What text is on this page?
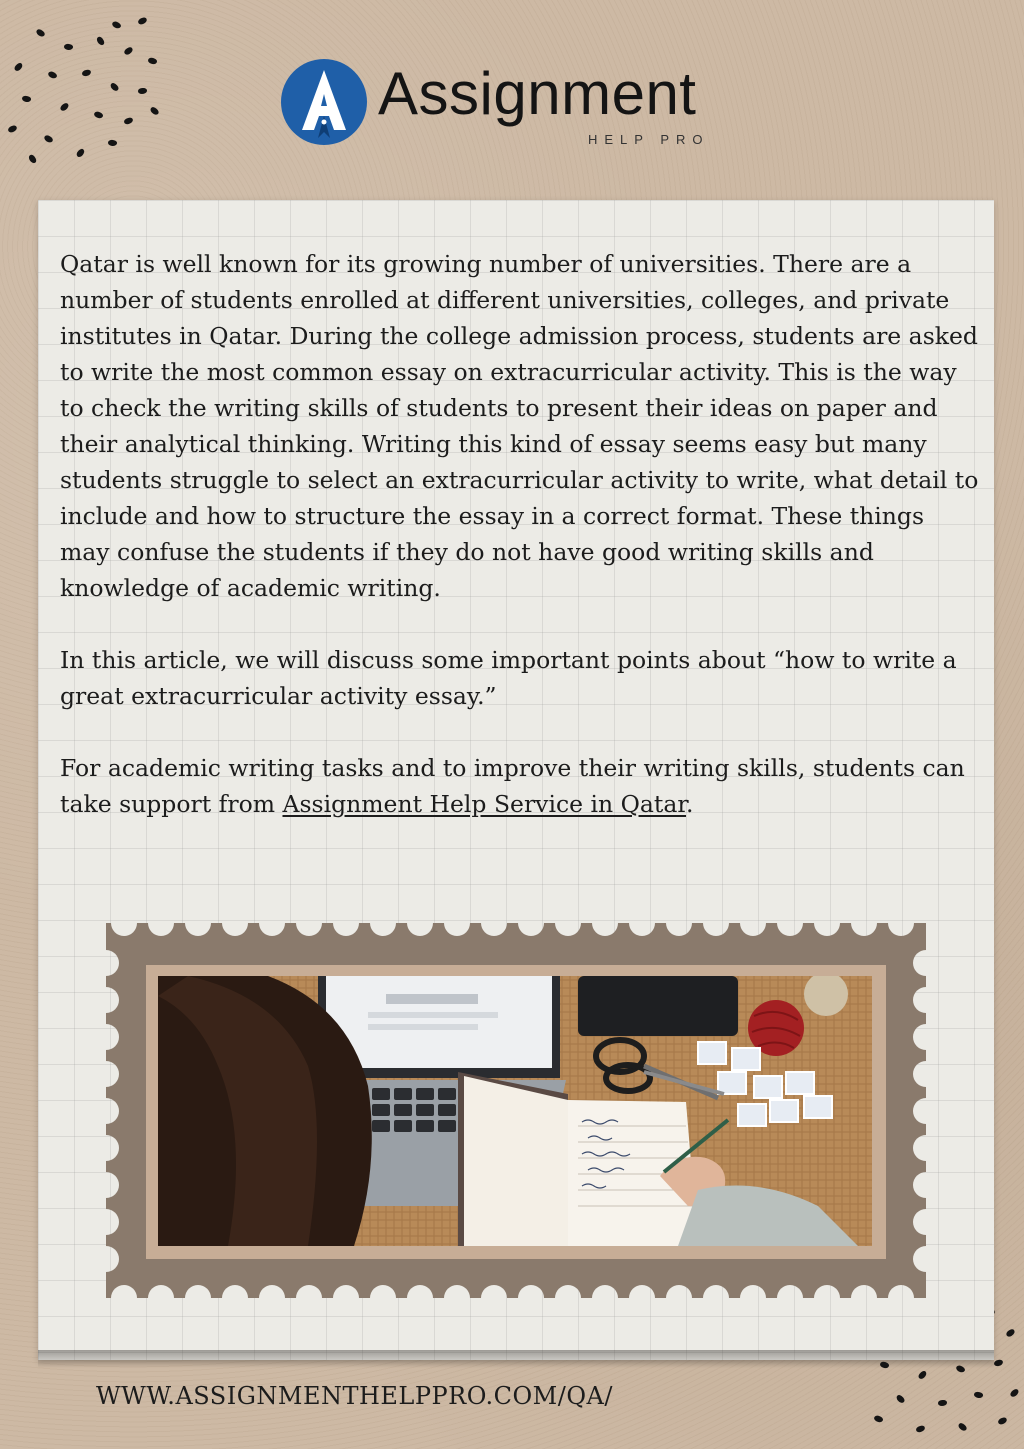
Assignment
HELP PRO

Qatar is well known for its growing number of universities. There are a number of students enrolled at different universities, colleges, and private institutes in Qatar. During the college admission process, students are asked to write the most common essay on extracurricular activity. This is the way to check the writing skills of students to present their ideas on paper and their analytical thinking. Writing this kind of essay seems easy but many students struggle to select an extracurricular activity to write, what detail to include and how to structure the essay in a correct format. These things may confuse the students if they do not have good writing skills and knowledge of academic writing.

In this article, we will discuss some important points about “how to write a great extracurricular activity essay.”

For academic writing tasks and to improve their writing skills, students can take support from Assignment Help Service in Qatar.

WWW.ASSIGNMENTHELPPRO.COM/QA/
